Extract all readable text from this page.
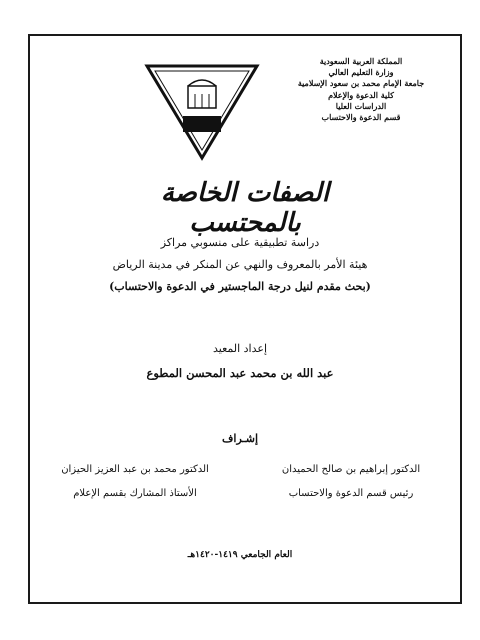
المملكة العربية السعودية
وزارة التعليم العالي
جامعة الإمام محمد بن سعود الإسلامية
كلية الدعوة والإعلام
الدراسات العليا
قسم الدعوة والاحتساب
الصفات الخاصة بالمحتسب
دراسة تطبيقية على منسوبي مراكز
هيئة الأمر بالمعروف والنهي عن المنكر في مدينة الرياض
(بحث مقدم لنيل درجة الماجستير في الدعوة والاحتساب)
إعداد المعيد
عبد الله بن محمد عبد المحسن المطوع
إشـراف
الدكتور إبراهيم بن صالح الحميدان
رئيس قسم الدعوة والاحتساب
الدكتور محمد بن عبد العزيز الحيزان
الأستاذ المشارك بقسم الإعلام
العام الجامعي ١٤١٩-١٤٢٠هـ
